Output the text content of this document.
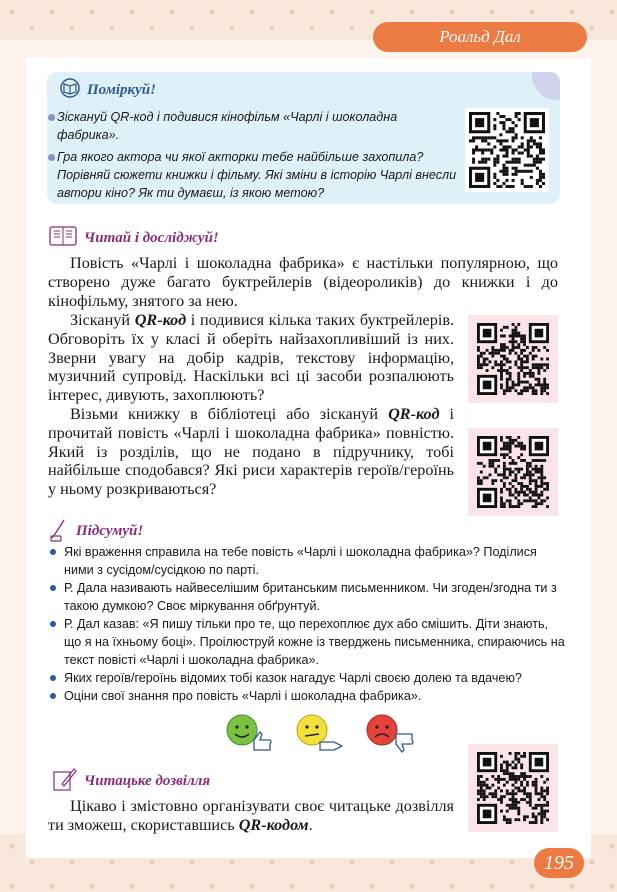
Роальд Дал
Поміркуй!
Зіскануй QR-код і подивися кінофільм «Чарлі і шоколадна фабрика».
Гра якого актора чи якої акторки тебе найбільше захопила? Порівняй сюжети книжки і фільму. Які зміни в історію Чарлі внесли автори кіно? Як ти думаєш, із якою метою?
Читай і досліджуй!

Повість «Чарлі і шоколадна фабрика» є настільки популярною, що створено дуже багато буктрейлерів (відеороликів) до книжки і до кінофільму, знятого за нею.

Зіскануй QR-код і подивися кілька таких буктрейлерів. Обговоріть їх у класі й оберіть найзахопливіший із них. Зверни увагу на добір кадрів, текстову інформацію, музичний супровід. Наскільки всі ці засоби розпалюють інтерес, дивують, захоплюють?

Візьми книжку в бібліотеці або зіскануй QR-код і прочитай повість «Чарлі і шоколадна фабрика» повністю. Який із розділів, що не подано в підручнику, тобі найбільше сподобався? Які риси характерів героїв/героїнь у ньому розкриваються?

Підсумуй!
Які враження справила на тебе повість «Чарлі і шоколадна фабрика»? Поділися ними з сусідом/сусідкою по парті.
Р. Дала називають найвеселішим британським письменником. Чи згоден/згодна ти з такою думкою? Своє міркування обґрунтуй.
Р. Дал казав: «Я пишу тільки про те, що перехоплює дух або смішить. Діти знають, що я на їхньому боці». Проілюструй кожне із тверджень письменника, спираючись на текст повісті «Чарлі і шоколадна фабрика».
Яких героїв/героїнь відомих тобі казок нагадує Чарлі своєю долею та вдачею?
Оціни свої знання про повість «Чарлі і шоколадна фабрика».
Читацьке дозвілля

Цікаво і змістовно організувати своє читацьке дозвілля ти зможеш, скориставшись QR-кодом.

195
